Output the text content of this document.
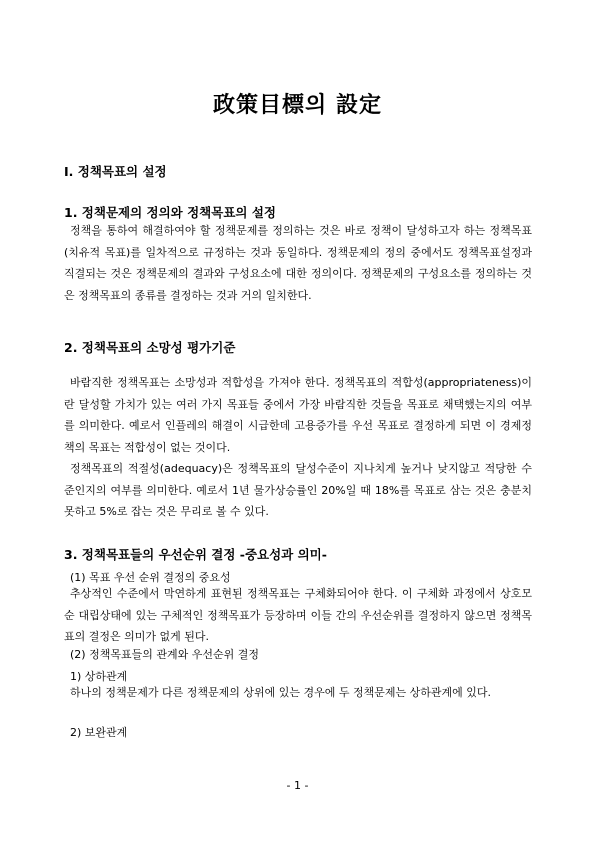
政策目標의 設定
Ⅰ. 정책목표의 설정
1. 정책문제의 정의와 정책목표의 설정

정책을 통하여 해결하여야 할 정책문제를 정의하는 것은 바로 정책이 달성하고자 하는 정책목표 (치유적 목표)를 일차적으로 규정하는 것과 동일하다. 정책문제의 정의 중에서도 정책목표설정과 직결되는 것은 정책문제의 결과와 구성요소에 대한 정의이다. 정책문제의 구성요소를 정의하는 것은 정책목표의 종류를 결정하는 것과 거의 일치한다.

2. 정책목표의 소망성 평가기준

바람직한 정책목표는 소망성과 적합성을 가져야 한다. 정책목표의 적합성(appropriateness)이란 달성할 가치가 있는 여러 가지 목표들 중에서 가장 바람직한 것들을 목표로 채택했는지의 여부를 의미한다. 예로서 인플레의 해결이 시급한데 고용증가를 우선 목표로 결정하게 되면 이 경제정책의 목표는 적합성이 없는 것이다.

정책목표의 적절성(adequacy)은 정책목표의 달성수준이 지나치게 높거나 낮지않고 적당한 수준인지의 여부를 의미한다. 예로서 1년 물가상승률인 20%일 때 18%를 목표로 삼는 것은 충분치 못하고 5%로 잡는 것은 무리로 볼 수 있다.

3. 정책목표들의 우선순위 결정 -중요성과 의미-
(1) 목표 우선 순위 결정의 중요성

추상적인 수준에서 막연하게 표현된 정책목표는 구체화되어야 한다. 이 구체화 과정에서 상호모순 대립상태에 있는 구체적인 정책목표가 등장하며 이들 간의 우선순위를 결정하지 않으면 정책목표의 결정은 의미가 없게 된다.

(2) 정책목표들의 관계와 우선순위 결정
1) 상하관계

하나의 정책문제가 다른 정책문제의 상위에 있는 경우에 두 정책문제는 상하관계에 있다.

2) 보완관계
- 1 -
